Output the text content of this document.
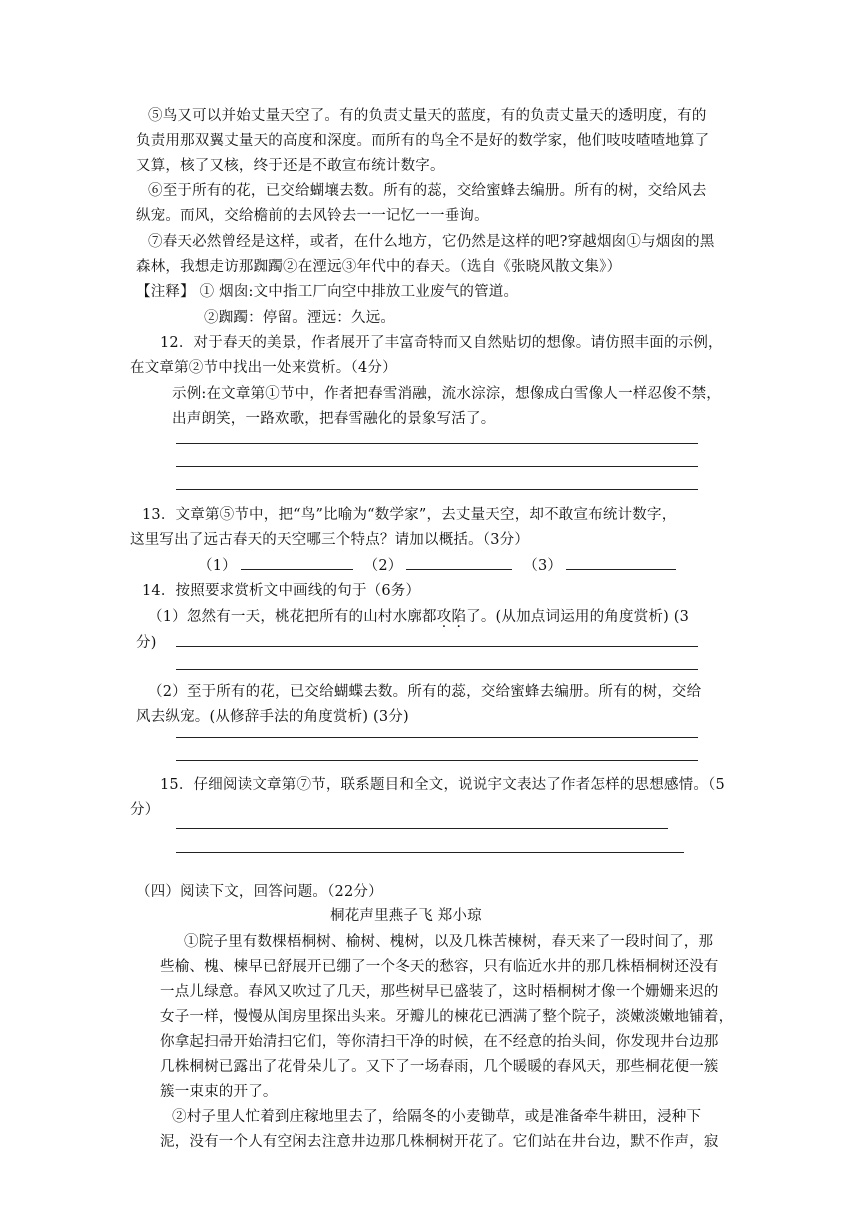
⑤鸟又可以并始丈量天空了。有的负责丈量天的蓝度，有的负责丈量天的透明度，有的
负责用那双翼丈量天的高度和深度。而所有的鸟全不是好的数学家，他们吱吱喳喳地算了
又算，核了又核，终于还是不敢宣布统计数字。
⑥至于所有的花，已交给蝴壤去数。所有的蕊，交给蜜蜂去编册。所有的树，交给风去
纵宠。而风，交给檐前的去风铃去一一记忆一一垂询。
⑦春天必然曾经是这样，或者，在什么地方，它仍然是这样的吧?穿越烟囱①与烟囱的黑
森林，我想走访那踟躅②在湮远③年代中的春天。（选自《张晓风散文集》）
【注释】 ① 烟囱:文中指工厂向空中排放工业废气的管道。
②踟躅：停留。湮远：久远。
12．对于春天的美景，作者展开了丰富奇特而又自然贴切的想像。请仿照丰面的示例，
在文章第②节中找出一处来赏析。（4分）
示例:在文章第①节中，作者把春雪消融，流水淙淙，想像成白雪像人一样忍俊不禁，
出声朗笑，一路欢歌，把春雪融化的景象写活了。
13．文章第⑤节中，把“鸟”比喻为“数学家”，去丈量天空，却不敢宣布统计数字，
这里写出了远古春天的天空哪三个特点？请加以概括。（3分）
（1）	（2）	（3）
14．按照要求赏析文中画线的句于（6务）
（1）忽然有一天，桃花把所有的山村水廓都攻陷了。(从加点词运用的角度赏析) (3
分)
（2）至于所有的花，已交给蝴蝶去数。所有的蕊，交给蜜蜂去编册。所有的树，交给
风去纵宠。(从修辞手法的角度赏析) (3分)
15．仔细阅读文章第⑦节，联系题目和全文，说说宇文表达了作者怎样的思想感情。（5
分）
（四）阅读下文，回答问题。（22分）
桐花声里燕子飞 郑小琼
①院子里有数棵梧桐树、榆树、槐树，以及几株苦楝树，春天来了一段时间了，那
些榆、槐、楝早已舒展开已绷了一个冬天的愁容，只有临近水井的那几株梧桐树还没有
一点儿绿意。春风又吹过了几天，那些树早已盛装了，这时梧桐树才像一个姗姗来迟的
女子一样，慢慢从闺房里探出头来。牙瓣儿的楝花已洒满了整个院子，淡嫩淡嫩地铺着，
你拿起扫帚开始清扫它们，等你清扫干净的时候，在不经意的抬头间，你发现井台边那
几株桐树已露出了花骨朵儿了。又下了一场春雨，几个暖暖的春风天，那些桐花便一簇
簇一束束的开了。
②村子里人忙着到庄稼地里去了，给隔冬的小麦锄草，或是准备牵牛耕田，浸种下
泥，没有一个人有空闲去注意井边那几株桐树开花了。它们站在井台边，默不作声，寂
